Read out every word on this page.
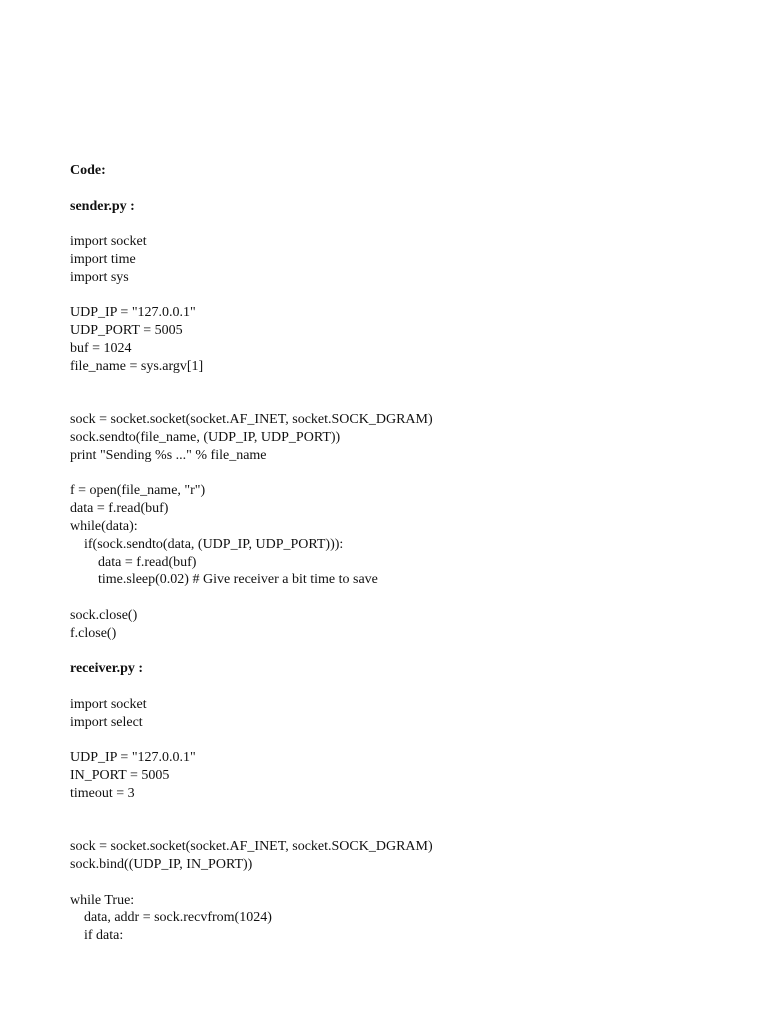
Code:
sender.py :
import socket
import time
import sys
UDP_IP = "127.0.0.1"
UDP_PORT = 5005
buf = 1024
file_name = sys.argv[1]
sock = socket.socket(socket.AF_INET, socket.SOCK_DGRAM)
sock.sendto(file_name, (UDP_IP, UDP_PORT))
print "Sending %s ..." % file_name
f = open(file_name, "r")
data = f.read(buf)
while(data):
if(sock.sendto(data, (UDP_IP, UDP_PORT))):
data = f.read(buf)
time.sleep(0.02) # Give receiver a bit time to save
sock.close()
f.close()
receiver.py :
import socket
import select
UDP_IP = "127.0.0.1"
IN_PORT = 5005
timeout = 3
sock = socket.socket(socket.AF_INET, socket.SOCK_DGRAM)
sock.bind((UDP_IP, IN_PORT))
while True:
data, addr = sock.recvfrom(1024)
if data:
